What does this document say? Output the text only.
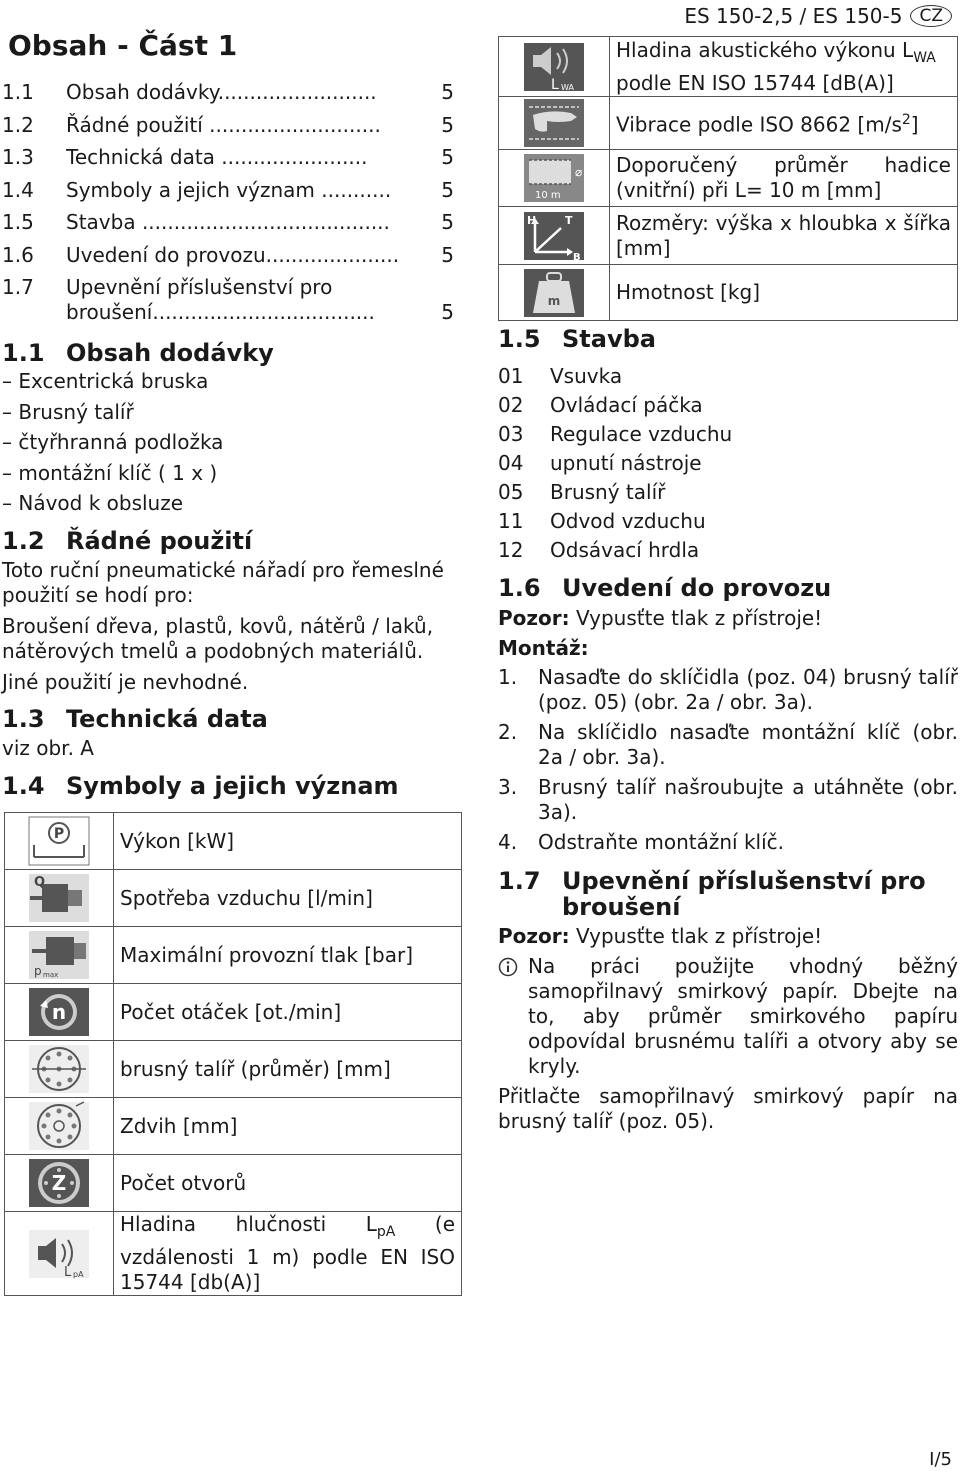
ES 150-2,5 / ES 150-5	CZ
Obsah - Část 1
1.1	Obsah dodávky.........................	5
1.2	Řádné použití ...........................	5
1.3	Technická data .......................	5
1.4	Symboly a jejich význam ...........	5
1.5	Stavba .......................................	5
1.6	Uvedení do provozu.....................	5
1.7	Upevnění příslušenství pro

broušení...................................	5
1.1 Obsah dodávky
– Excentrická bruska
– Brusný talíř
– čtyřhranná podložka
– montážní klíč ( 1 x )
– Návod k obsluze
1.2 Řádné použití

Toto ruční pneumatické nářadí pro řemeslné použití se hodí pro:

Broušení dřeva, plastů, kovů, nátěrů / laků, nátěrových tmelů a podobných materiálů.

Jiné použití je nevhodné.

1.3 Technická data

viz obr. A

1.4 Symboly a jejich význam
P	Výkon [kW]

Q	Spotřeba vzduchu [l/min]

p max	Maximální provozní tlak [bar]

n	Počet otáček [ot./min]

	brusný talíř (průměr) [mm]

	Zdvih [mm]

Z	Počet otvorů

L pA	Hladina hlučnosti $L_{pA}$ (e vzdálenosti 1 m) podle EN ISO 15744 [db(A)]
L WA	Hladina akustického výkonu $L_{WA}$ podle EN ISO 15744 [dB(A)]

	Vibrace podle ISO 8662 $[m/s^2]$

⌀
10 m	Doporučený průměr hadice (vnitřní) při L= 10 m [mm]

H T
B	Rozměry: výška x hloubka x šířka [mm]

m	Hmotnost [kg]
1.5 Stavba
01	Vsuvka
02	Ovládací páčka
03	Regulace vzduchu
04	upnutí nástroje
05	Brusný talíř
11	Odvod vzduchu
12	Odsávací hrdla
1.6 Uvedení do provozu

Pozor: Vypusťte tlak z přístroje!

Montáž:

1.	Nasaďte do sklíčidla (poz. 04) brusný talíř (poz. 05) (obr. 2a / obr. 3a).
2.	Na sklíčidlo nasaďte montážní klíč (obr. 2a / obr. 3a).
3.	Brusný talíř našroubujte a utáhněte (obr. 3a).
4.	Odstraňte montážní klíč.
1.7 Upevnění příslušenství pro broušení

Pozor: Vypusťte tlak z přístroje!

Na práci použijte vhodný běžný samopřilnavý smirkový papír. Dbejte na to, aby průměr smirkového papíru odpovídal brusnému talíři a otvory aby se kryly.

Přitlačte samopřilnavý smirkový papír na brusný talíř (poz. 05).

I/5
